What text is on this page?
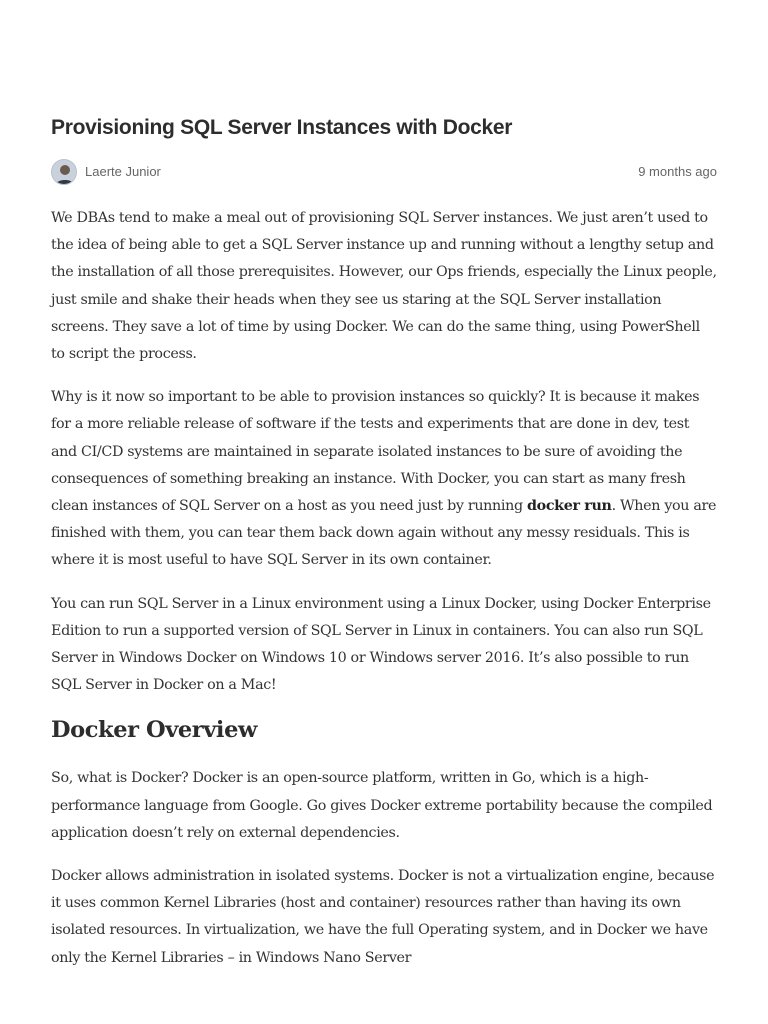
Provisioning SQL Server Instances with Docker
Laerte Junior	9 months ago

We DBAs tend to make a meal out of provisioning SQL Server instances. We just aren’t used to the idea of being able to get a SQL Server instance up and running without a lengthy setup and the installation of all those prerequisites. However, our Ops friends, especially the Linux people, just smile and shake their heads when they see us staring at the SQL Server installation screens. They save a lot of time by using Docker. We can do the same thing, using PowerShell to script the process.

Why is it now so important to be able to provision instances so quickly? It is because it makes for a more reliable release of software if the tests and experiments that are done in dev, test and CI/CD systems are maintained in separate isolated instances to be sure of avoiding the consequences of something breaking an instance. With Docker, you can start as many fresh clean instances of SQL Server on a host as you need just by running docker run. When you are finished with them, you can tear them back down again without any messy residuals. This is where it is most useful to have SQL Server in its own container.

You can run SQL Server in a Linux environment using a Linux Docker, using Docker Enterprise Edition to run a supported version of SQL Server in Linux in containers. You can also run SQL Server in Windows Docker on Windows 10 or Windows server 2016. It’s also possible to run SQL Server in Docker on a Mac!

Docker Overview

So, what is Docker? Docker is an open-source platform, written in Go, which is a high-performance language from Google. Go gives Docker extreme portability because the compiled application doesn’t rely on external dependencies.

Docker allows administration in isolated systems. Docker is not a virtualization engine, because it uses common Kernel Libraries (host and container) resources rather than having its own isolated resources. In virtualization, we have the full Operating system, and in Docker we have only the Kernel Libraries – in Windows Nano Server
